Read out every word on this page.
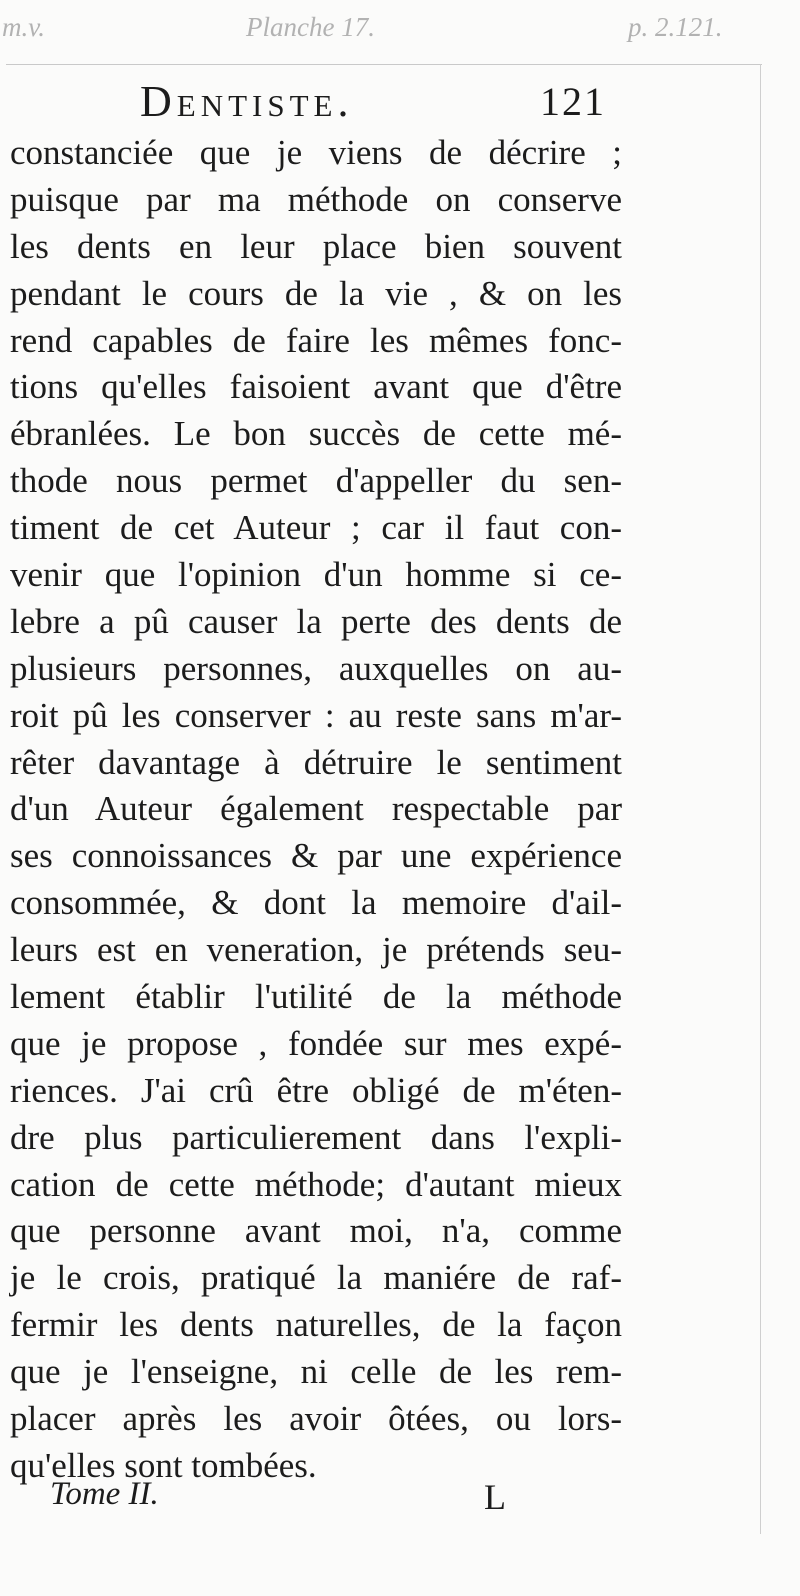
m.v.	Planche 17.	p. 2.121.
Dentiste.	121
constanciée que je viens de décrire ;
puisque par ma méthode on conserve
les dents en leur place bien souvent
pendant le cours de la vie , & on les
rend capables de faire les mêmes fonc-
tions qu'elles faisoient avant que d'être
ébranlées. Le bon succès de cette mé-
thode nous permet d'appeller du sen-
timent de cet Auteur ; car il faut con-
venir que l'opinion d'un homme si ce-
lebre a pû causer la perte des dents de
plusieurs personnes, auxquelles on au-
roit pû les conserver : au reste sans m'ar-
rêter davantage à détruire le sentiment
d'un Auteur également respectable par
ses connoissances & par une expérience
consommée, & dont la memoire d'ail-
leurs est en veneration, je prétends seu-
lement établir l'utilité de la méthode
que je propose , fondée sur mes expé-
riences. J'ai crû être obligé de m'éten-
dre plus particulierement dans l'expli-
cation de cette méthode; d'autant mieux
que personne avant moi, n'a, comme
je le crois, pratiqué la maniére de raf-
fermir les dents naturelles, de la façon
que je l'enseigne, ni celle de les rem-
placer après les avoir ôtées, ou lors-
qu'elles sont tombées.
Tome II.	L
